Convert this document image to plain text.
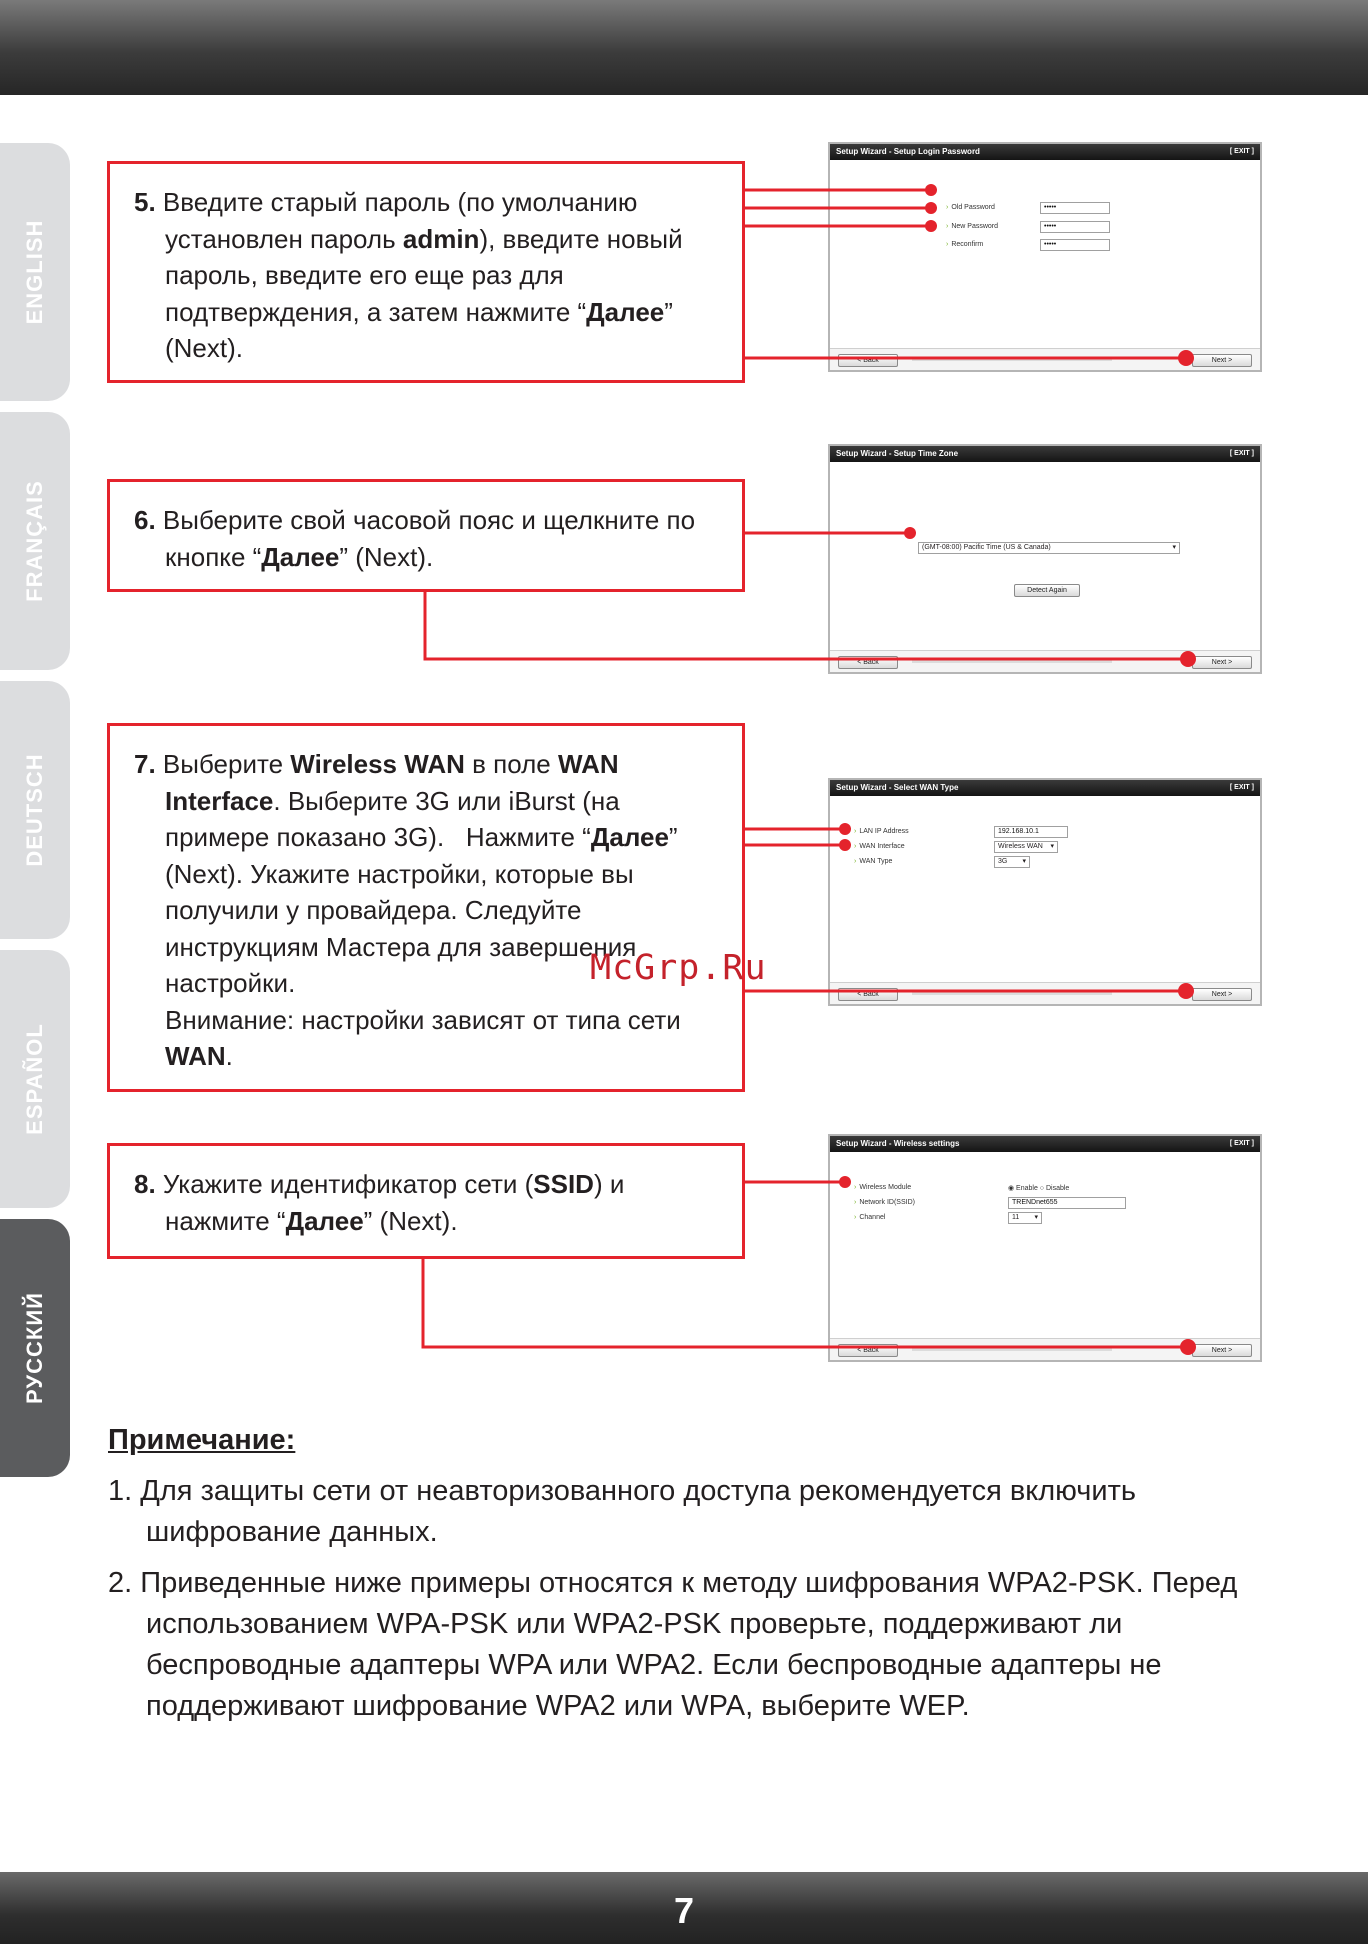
ENGLISH
FRANÇAIS
DEUTSCH
ESPAÑOL
РУССКИЙ
5. Введите старый пароль (по умолчанию установлен пароль admin), введите новый пароль, введите его еще раз для подтверждения, а затем нажмите “Далее” (Next).
6. Выберите свой часовой пояс и щелкните по кнопке “Далее” (Next).
7. Выберите Wireless WAN в поле WAN Interface. Выберите 3G или iBurst (на примере показано 3G).   Нажмите “Далее” (Next). Укажите настройки, которые вы получили у провайдера. Следуйте инструкциям Мастера для завершения настройки.
Внимание: настройки зависят от типа сети WAN.
8. Укажите идентификатор сети (SSID) и нажмите “Далее” (Next).
Setup Wizard - Setup Login Password	[ EXIT ]
› Old Password	•••••
› New Password	•••••
› Reconfirm	•••••
< Back	Next >
Setup Wizard - Setup Time Zone	[ EXIT ]
(GMT-08:00) Pacific Time (US & Canada)	▾
Detect Again
< Back	Next >
Setup Wizard - Select WAN Type	[ EXIT ]
› LAN IP Address	192.168.10.1
› WAN Interface	Wireless WAN ▾
› WAN Type	3G ▾
< Back	Next >
Setup Wizard - Wireless settings	[ EXIT ]
› Wireless Module	◉ Enable ○ Disable
› Network ID(SSID)	TRENDnet655
› Channel	11 ▾
< Back	Next >
McGrp.Ru
Примечание:
1. Для защиты сети от неавторизованного доступа рекомендуется включить шифрование данных.
2. Приведенные ниже примеры относятся к методу шифрования WPA2-PSK. Перед использованием WPA-PSK или WPA2-PSK проверьте, поддерживают ли беспроводные адаптеры WPA или WPA2. Если беспроводные адаптеры не поддерживают шифрование WPA2 или WPA, выберите WEP.
7
